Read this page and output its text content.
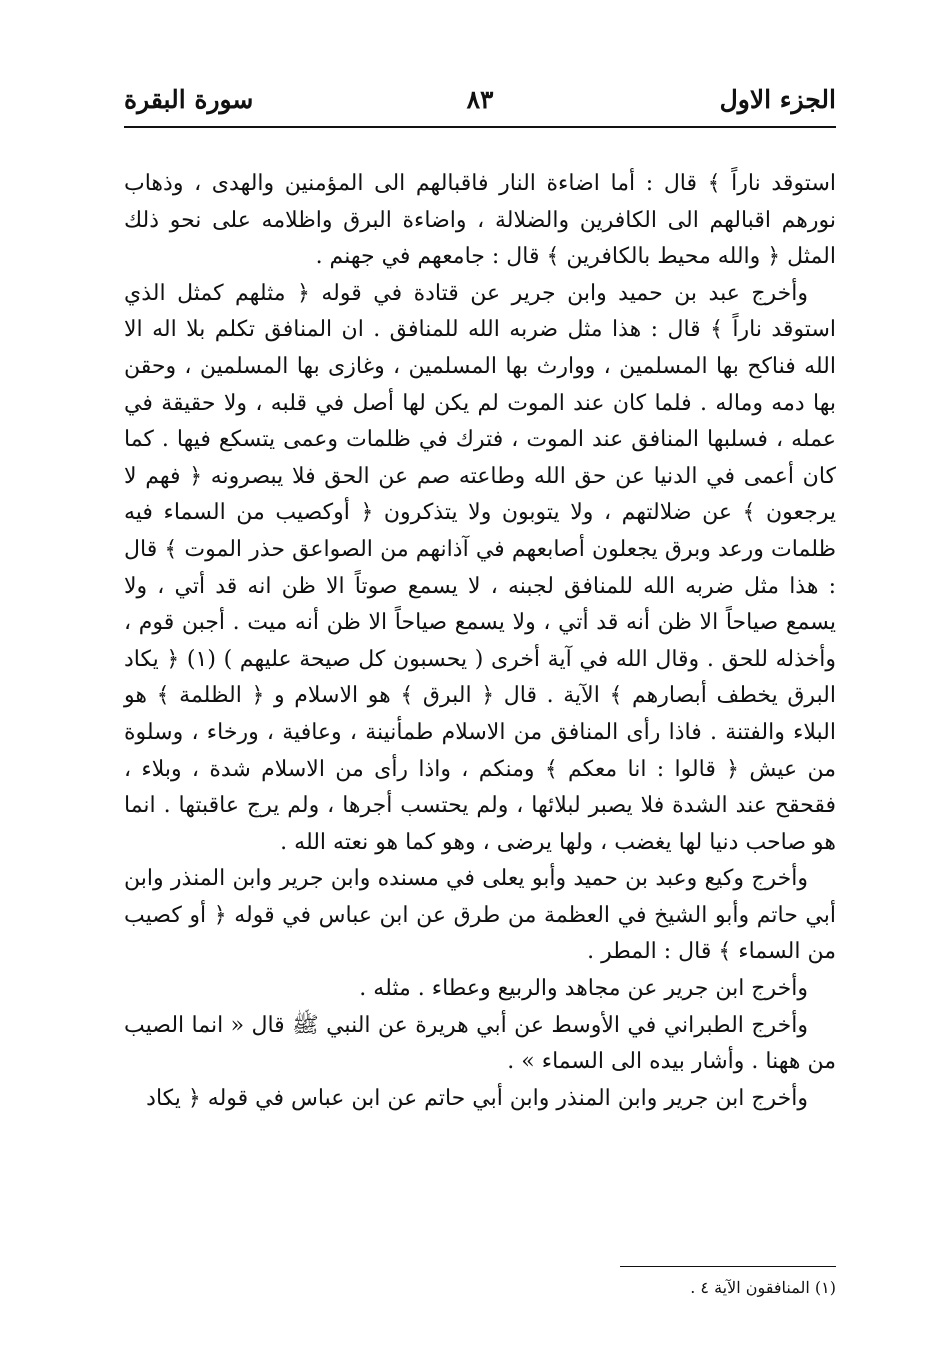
الجزء الاول
٨٣
سورة البقرة

استوقد ناراً ﴾ قال : أما اضاءة النار فاقبالهم الى المؤمنين والهدى ، وذهاب نورهم اقبالهم الى الكافرين والضلالة ، واضاءة البرق واظلامه على نحو ذلك المثل ﴿ والله محيط بالكافرين ﴾ قال : جامعهم في جهنم .

وأخرج عبد بن حميد وابن جرير عن قتادة في قوله ﴿ مثلهم كمثل الذي استوقد ناراً ﴾ قال : هذا مثل ضربه الله للمنافق . ان المنافق تكلم بلا اله الا الله فناكح بها المسلمين ، ووارث بها المسلمين ، وغازى بها المسلمين ، وحقن بها دمه وماله . فلما كان عند الموت لم يكن لها أصل في قلبه ، ولا حقيقة في عمله ، فسلبها المنافق عند الموت ، فترك في ظلمات وعمى يتسكع فيها . كما كان أعمى في الدنيا عن حق الله وطاعته صم عن الحق فلا يبصرونه ﴿ فهم لا يرجعون ﴾ عن ضلالتهم ، ولا يتوبون ولا يتذكرون ﴿ أوكصيب من السماء فيه ظلمات ورعد وبرق يجعلون أصابعهم في آذانهم من الصواعق حذر الموت ﴾ قال : هذا مثل ضربه الله للمنافق لجبنه ، لا يسمع صوتاً الا ظن انه قد أتي ، ولا يسمع صياحاً الا ظن أنه قد أتي ، ولا يسمع صياحاً الا ظن أنه ميت . أجبن قوم ، وأخذله للحق . وقال الله في آية أخرى ( يحسبون كل صيحة عليهم ) (١) ﴿ يكاد البرق يخطف أبصارهم ﴾ الآية . قال ﴿ البرق ﴾ هو الاسلام و ﴿ الظلمة ﴾ هو البلاء والفتنة . فاذا رأى المنافق من الاسلام طمأنينة ، وعافية ، ورخاء ، وسلوة من عيش ﴿ قالوا : انا معكم ﴾ ومنكم ، واذا رأى من الاسلام شدة ، وبلاء ، فقحقح عند الشدة فلا يصبر لبلائها ، ولم يحتسب أجرها ، ولم يرج عاقبتها . انما هو صاحب دنيا لها يغضب ، ولها يرضى ، وهو كما هو نعته الله .

وأخرج وكيع وعبد بن حميد وأبو يعلى في مسنده وابن جرير وابن المنذر وابن أبي حاتم وأبو الشيخ في العظمة من طرق عن ابن عباس في قوله ﴿ أو كصيب من السماء ﴾ قال : المطر .

وأخرج ابن جرير عن مجاهد والربيع وعطاء . مثله .

وأخرج الطبراني في الأوسط عن أبي هريرة عن النبي ﷺ قال « انما الصيب من ههنا . وأشار بيده الى السماء » .

وأخرج ابن جرير وابن المنذر وابن أبي حاتم عن ابن عباس في قوله ﴿ يكاد

(١) المنافقون الآية ٤ .
